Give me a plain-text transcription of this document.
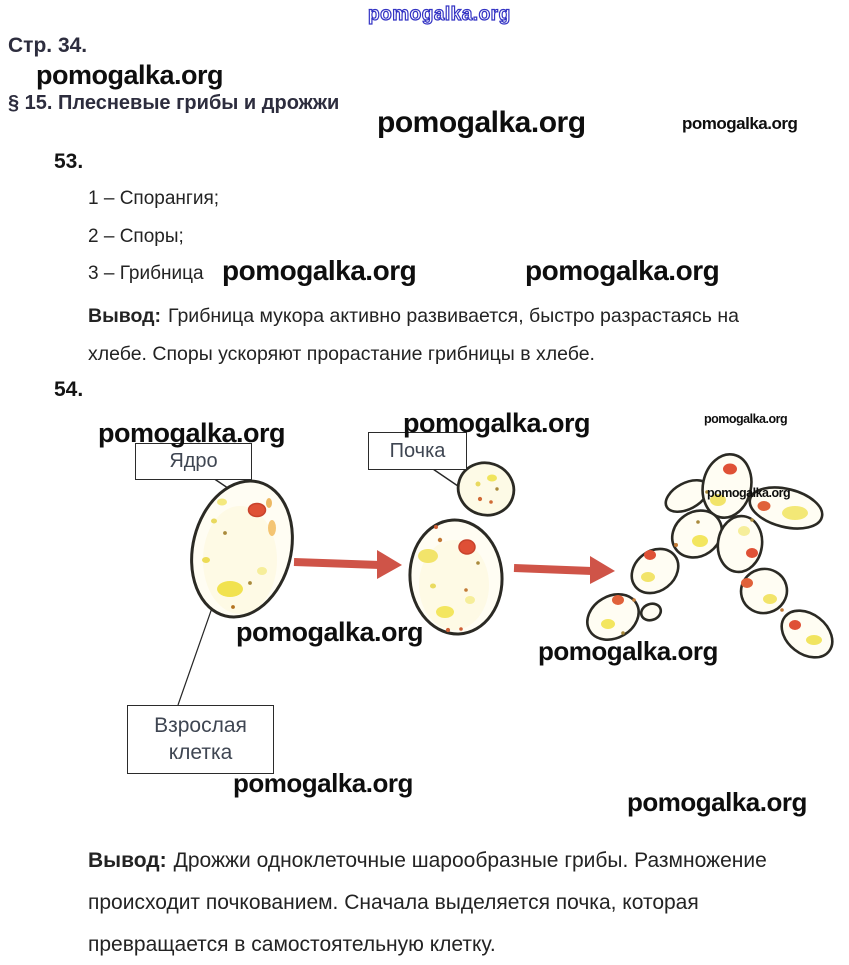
pomogalka.org
Стр. 34.
pomogalka.org
§ 15. Плесневые грибы и дрожжи
pomogalka.org	pomogalka.org
53.
1 – Спорангия;
2 – Споры;
3 – Грибница pomogalka.org	pomogalka.org
Вывод: Грибница мукора активно развивается, быстро разрастаясь на
хлебе. Споры ускоряют прорастание грибницы в хлебе.
54.
pomogalka.org	pomogalka.org	pomogalka.org
pomogalka.org
Ядро	Почка
Взрослая
клетка
pomogalka.org
pomogalka.org
pomogalka.org
pomogalka.org
Вывод: Дрожжи одноклеточные шарообразные грибы. Размножение
происходит почкованием. Сначала выделяется почка, которая
превращается в самостоятельную клетку.
